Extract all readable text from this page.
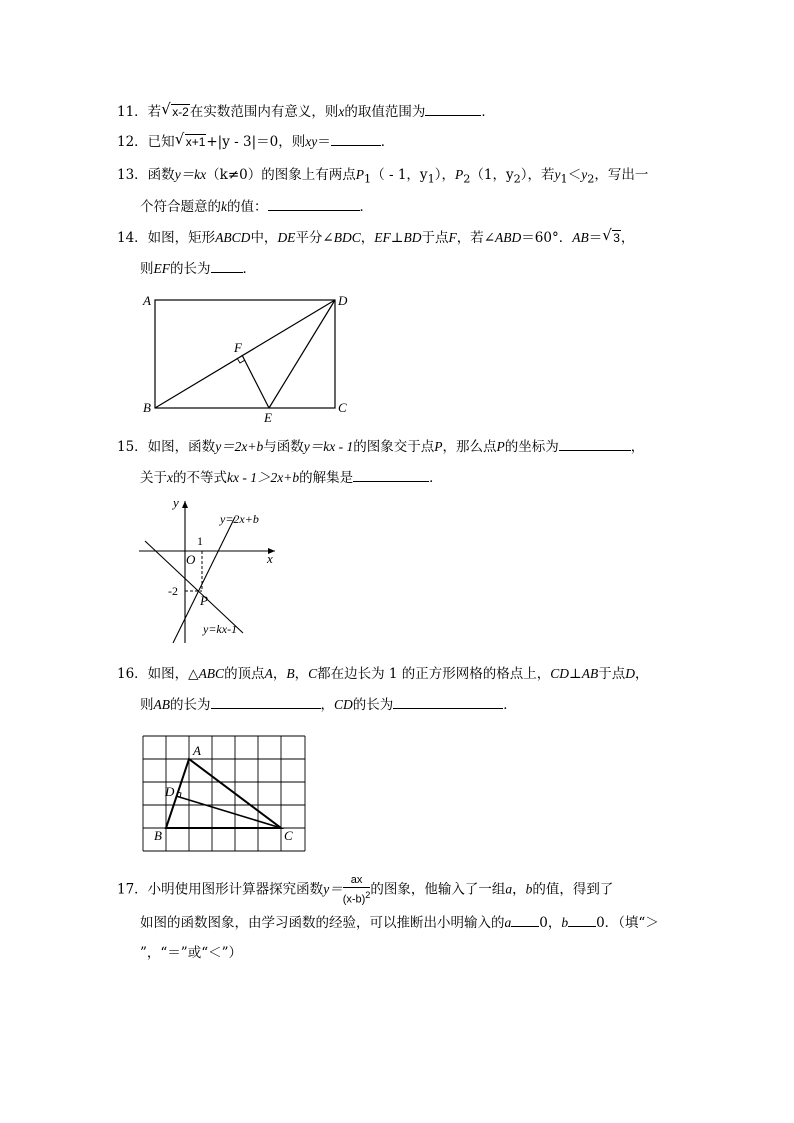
11．若 √ x-2在实数范围内有意义，则x的取值范围为	．
12．已知 √ x+1+|y - 3|＝0，则xy＝	．
13．函数y＝kx（k≠0）的图象上有两点$P_1( - 1$，$y_1$），$P_2(1$，$y_2$），若$y_1<y_2$，写出一
个符合题意的k的值：	．
14．如图，矩形ABCD中，DE平分∠BDC，EF⊥BD于点F，若∠ABD＝60°．AB＝ √ 3，
则EF的长为 ．
A	D
B	C
E
F
15．如图，函数y＝2x+b与函数y＝kx - 1的图象交于点P，那么点P的坐标为	，
关于x的不等式kx - 1＞2x+b的解集是	．
y
x
O
1
-2
P
y=2x+b
y=kx-1
16．如图，△ABC的顶点A，B，C都在边长为 1 的正方形网格的格点上，CD⊥AB于点D，
则AB的长为	，CD的长为	．
A
D
B	C
17．小明使用图形计算器探究函数$y= \frac{ax}{(x-b)^2}$ 的图象，他输入了一组a，b的值，得到了
如图的函数图象，由学习函数的经验，可以推断出小明输入的a 0，b 0．（填“＞
”，“＝”或“＜”）
